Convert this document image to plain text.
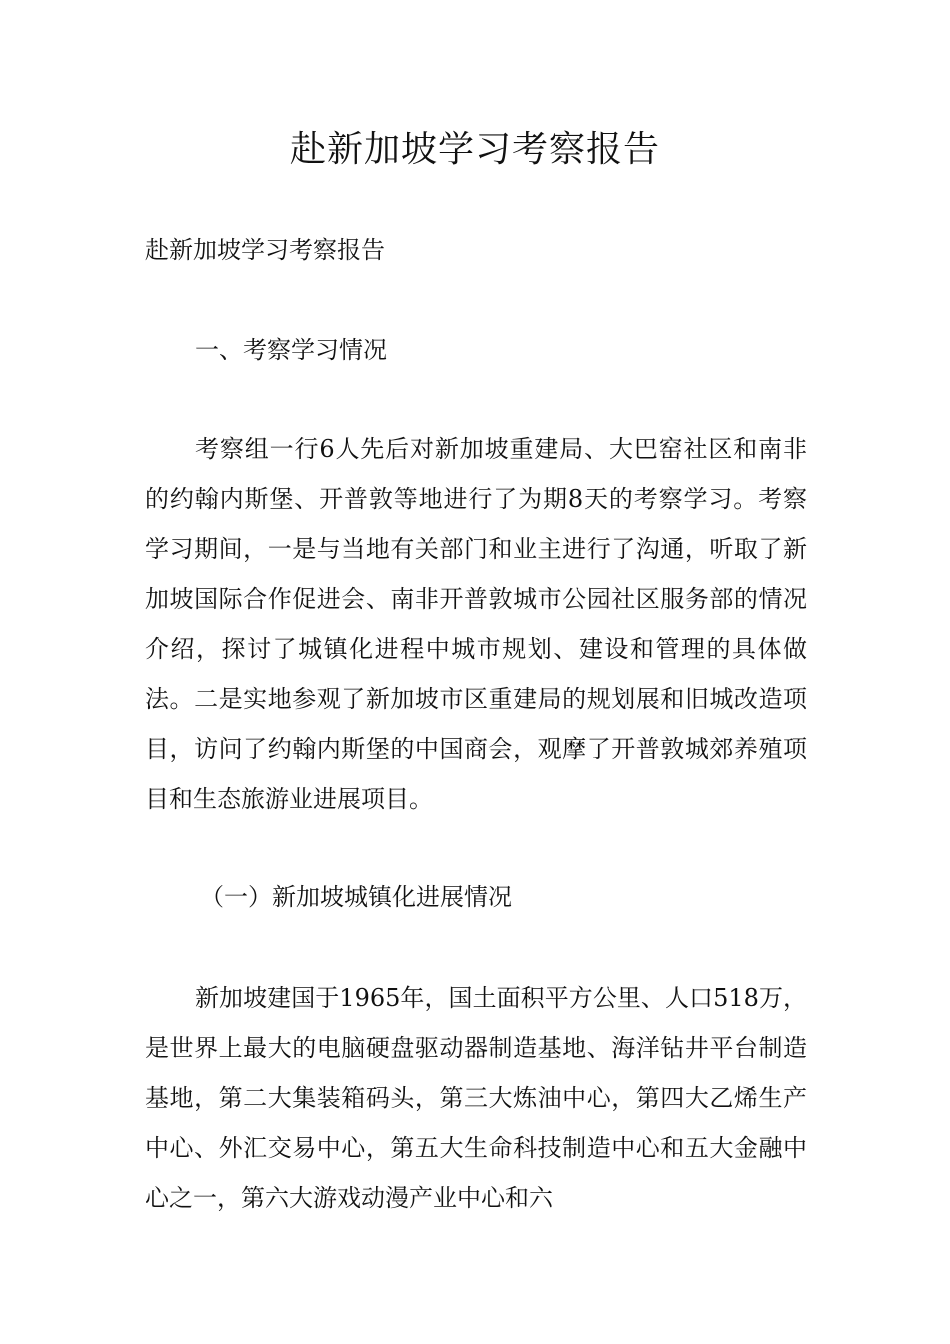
赴新加坡学习考察报告
赴新加坡学习考察报告
一、考察学习情况
考察组一行6人先后对新加坡重建局、大巴窑社区和南非的约翰内斯堡、开普敦等地进行了为期8天的考察学习。考察学习期间，一是与当地有关部门和业主进行了沟通，听取了新加坡国际合作促进会、南非开普敦城市公园社区服务部的情况介绍，探讨了城镇化进程中城市规划、建设和管理的具体做法。二是实地参观了新加坡市区重建局的规划展和旧城改造项目，访问了约翰内斯堡的中国商会，观摩了开普敦城郊养殖项目和生态旅游业进展项目。
（一）新加坡城镇化进展情况
新加坡建国于1965年，国土面积平方公里、人口518万，是世界上最大的电脑硬盘驱动器制造基地、海洋钻井平台制造基地，第二大集装箱码头，第三大炼油中心，第四大乙烯生产中心、外汇交易中心，第五大生命科技制造中心和五大金融中心之一，第六大游戏动漫产业中心和六
